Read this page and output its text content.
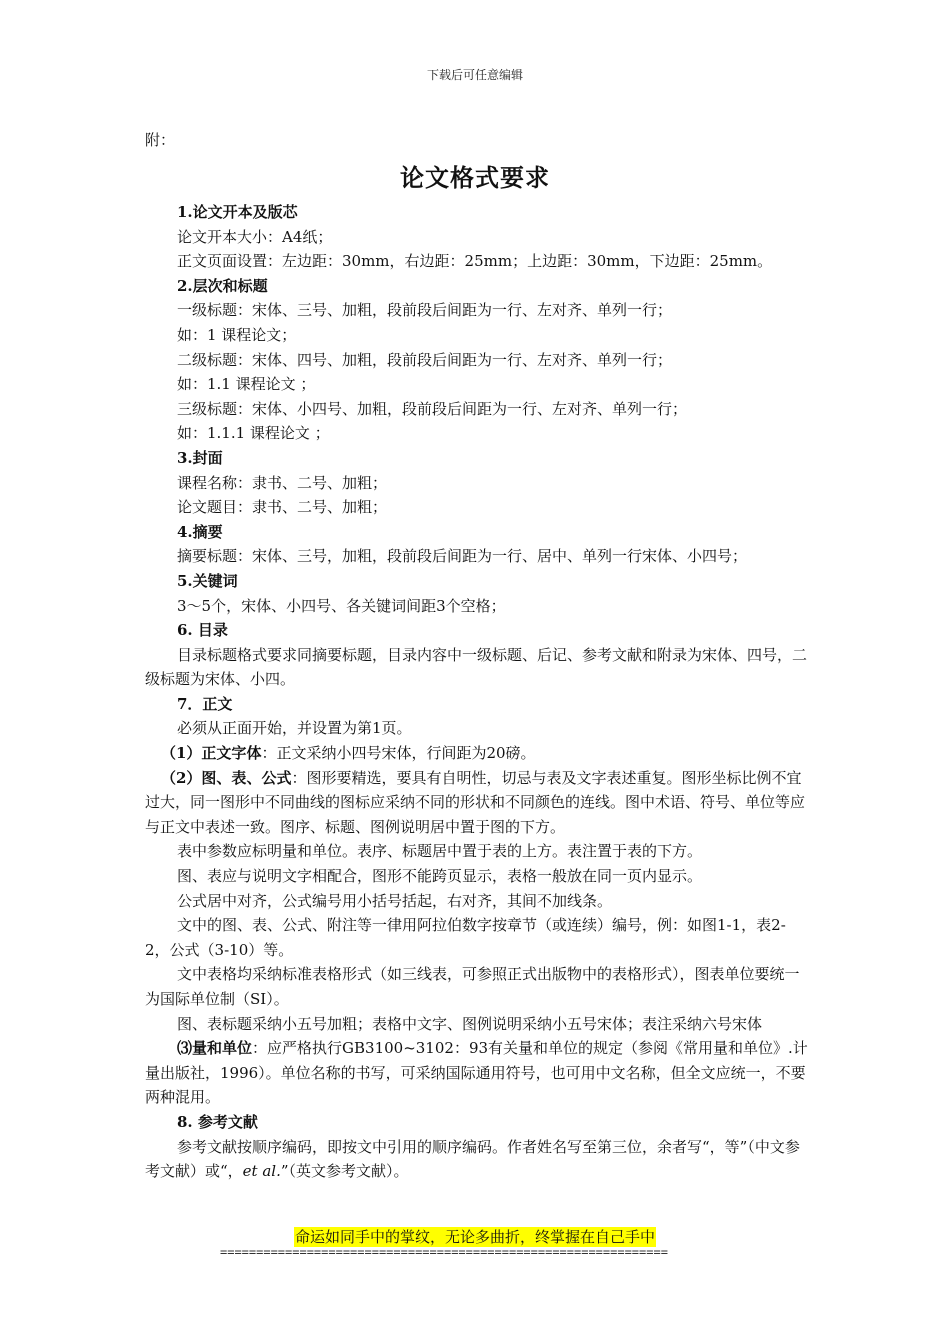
下载后可任意编辑
附：
论文格式要求

1.论文开本及版芯

论文开本大小：A4纸；

正文页面设置：左边距：30mm，右边距：25mm；上边距：30mm，下边距：25mm。

2.层次和标题

一级标题：宋体、三号、加粗，段前段后间距为一行、左对齐、单列一行；

如：1 课程论文；

二级标题：宋体、四号、加粗，段前段后间距为一行、左对齐、单列一行；

如：1.1 课程论文 ；

三级标题：宋体、小四号、加粗，段前段后间距为一行、左对齐、单列一行；

如：1.1.1 课程论文 ；

3.封面

课程名称：隶书、二号、加粗；

论文题目：隶书、二号、加粗；

4.摘要

摘要标题：宋体、三号，加粗，段前段后间距为一行、居中、单列一行宋体、小四号；

5.关键词

3～5个，宋体、小四号、各关键词间距3个空格；

6. 目录

目录标题格式要求同摘要标题，目录内容中一级标题、后记、参考文献和附录为宋体、四号，二级标题为宋体、小四。

7．正文

必须从正面开始，并设置为第1页。

（1）正文字体：正文采纳小四号宋体，行间距为20磅。

（2）图、表、公式：图形要精选，要具有自明性，切忌与表及文字表述重复。图形坐标比例不宜过大，同一图形中不同曲线的图标应采纳不同的形状和不同颜色的连线。图中术语、符号、单位等应与正文中表述一致。图序、标题、图例说明居中置于图的下方。

表中参数应标明量和单位。表序、标题居中置于表的上方。表注置于表的下方。

图、表应与说明文字相配合，图形不能跨页显示，表格一般放在同一页内显示。

公式居中对齐，公式编号用小括号括起，右对齐，其间不加线条。

文中的图、表、公式、附注等一律用阿拉伯数字按章节（或连续）编号，例：如图1-1，表2-2，公式（3-10）等。

文中表格均采纳标准表格形式（如三线表，可参照正式出版物中的表格形式），图表单位要统一为国际单位制（SI）。

图、表标题采纳小五号加粗；表格中文字、图例说明采纳小五号宋体；表注采纳六号宋体

⑶量和单位：应严格执行GB3100~3102：93有关量和单位的规定（参阅《常用量和单位》.计量出版社，1996）。单位名称的书写，可采纳国际通用符号，也可用中文名称，但全文应统一，不要两种混用。

8. 参考文献

参考文献按顺序编码，即按文中引用的顺序编码。作者姓名写至第三位，余者写“，等”（中文参考文献）或“，et al.”（英文参考文献）。

命运如同手中的掌纹，无论多曲折，终掌握在自己手中
==============================================================
